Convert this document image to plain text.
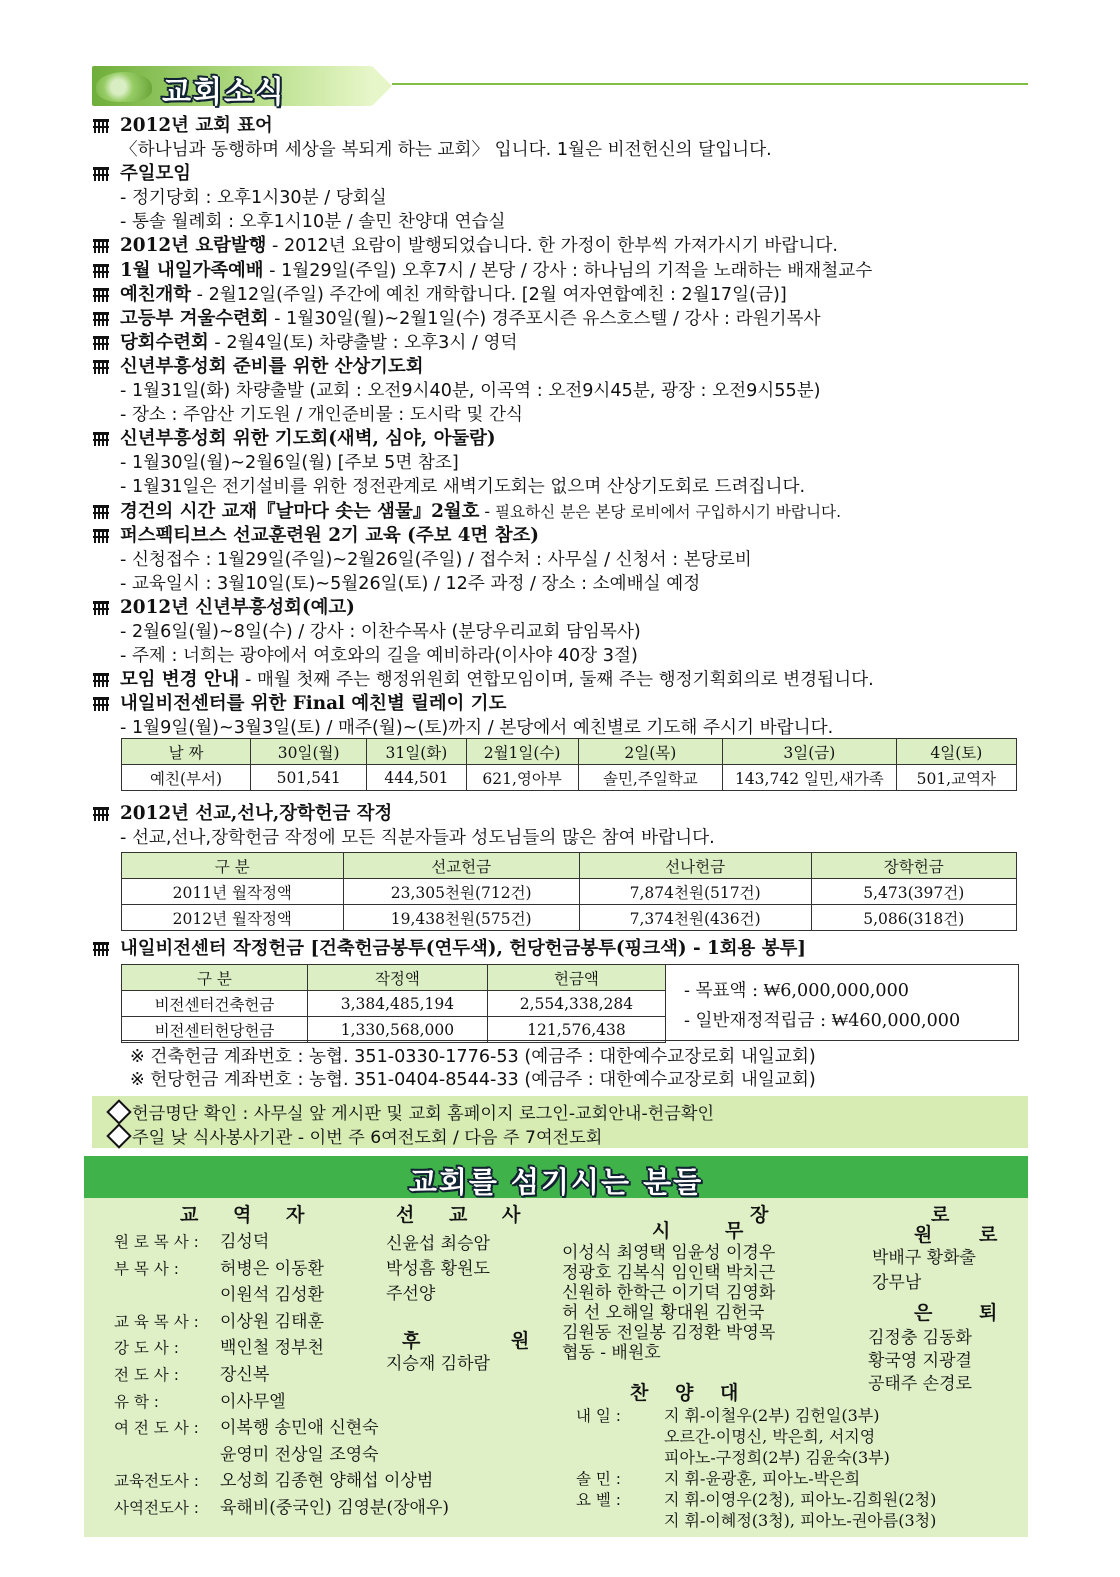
교회소식
2012년 교회 표어
〈하나님과 동행하며 세상을 복되게 하는 교회〉 입니다. 1월은 비전헌신의 달입니다.
주일모임
- 정기당회 : 오후1시30분 / 당회실
- 통솔 월례회 : 오후1시10분 / 솔민 찬양대 연습실
2012년 요람발행 - 2012년 요람이 발행되었습니다. 한 가정이 한부씩 가져가시기 바랍니다.
1월 내일가족예배 - 1월29일(주일) 오후7시 / 본당 / 강사 : 하나님의 기적을 노래하는 배재철교수
예친개학 - 2월12일(주일) 주간에 예친 개학합니다. [2월 여자연합예친 : 2월17일(금)]
고등부 겨울수련회 - 1월30일(월)~2월1일(수) 경주포시즌 유스호스텔 / 강사 : 라원기목사
당회수련회 - 2월4일(토) 차량출발 : 오후3시 / 영덕
신년부흥성회 준비를 위한 산상기도회
- 1월31일(화) 차량출발 (교회 : 오전9시40분, 이곡역 : 오전9시45분, 광장 : 오전9시55분)
- 장소 : 주암산 기도원 / 개인준비물 : 도시락 및 간식
신년부흥성회 위한 기도회(새벽, 심야, 아둘람)
- 1월30일(월)~2월6일(월) [주보 5면 참조]
- 1월31일은 전기설비를 위한 정전관계로 새벽기도회는 없으며 산상기도회로 드려집니다.
경건의 시간 교재『날마다 솟는 샘물』2월호 - 필요하신 분은 본당 로비에서 구입하시기 바랍니다.
퍼스펙티브스 선교훈련원 2기 교육 (주보 4면 참조)
- 신청접수 : 1월29일(주일)~2월26일(주일) / 접수처 : 사무실 / 신청서 : 본당로비
- 교육일시 : 3월10일(토)~5월26일(토) / 12주 과정 / 장소 : 소예배실 예정
2012년 신년부흥성회(예고)
- 2월6일(월)~8일(수) / 강사 : 이찬수목사 (분당우리교회 담임목사)
- 주제 : 너희는 광야에서 여호와의 길을 예비하라(이사야 40장 3절)
모임 변경 안내 - 매월 첫째 주는 행정위원회 연합모임이며, 둘째 주는 행정기획회의로 변경됩니다.
내일비전센터를 위한 Final 예친별 릴레이 기도
- 1월9일(월)~3월3일(토) / 매주(월)~(토)까지 / 본당에서 예친별로 기도해 주시기 바랍니다.
날 짜	30일(월)	31일(화)	2월1일(수)	2일(목)	3일(금)	4일(토)
예친(부서)	501,541	444,501	621,영아부	솔민,주일학교	143,742 일민,새가족	501,교역자
2012년 선교,선나,장학헌금 작정
- 선교,선나,장학헌금 작정에 모든 직분자들과 성도님들의 많은 참여 바랍니다.
구 분	선교헌금	선나헌금	장학헌금
2011년 월작정액	23,305천원(712건)	7,874천원(517건)	5,473(397건)
2012년 월작정액	19,438천원(575건)	7,374천원(436건)	5,086(318건)
내일비전센터 작정헌금 [건축헌금봉투(연두색), 헌당헌금봉투(핑크색) - 1회용 봉투]
구 분	작정액	헌금액
비전센터건축헌금	3,384,485,194	2,554,338,284
비전센터헌당헌금	1,330,568,000	121,576,438
- 목표액 : ₩6,000,000,000
- 일반재정적립금 : ₩460,000,000
※ 건축헌금 계좌번호 : 농협. 351-0330-1776-53 (예금주 : 대한예수교장로회 내일교회)
※ 헌당헌금 계좌번호 : 농협. 351-0404-8544-33 (예금주 : 대한예수교장로회 내일교회)
헌금명단 확인 : 사무실 앞 게시판 및 교회 홈페이지 로그인-교회안내-헌금확인
주일 낮 식사봉사기관 - 이번 주 6여전도회 / 다음 주 7여전도회
교회를 섬기시는 분들
교 역 자
원 로 목 사 : 김성덕
부 목 사 : 허병은 이동환
이원석 김성환
교 육 목 사 : 이상원 김태훈
강 도 사 : 백인철 정부천
전 도 사 : 장신복
유 학 :	이사무엘
여 전 도 사 : 이복행 송민애 신현숙
윤영미 전상일 조영숙
교육전도사 : 오성희 김종현 양해섭 이상범
사역전도사 : 육해비(중국인) 김영분(장애우)
선 교 사
신윤섭 최승암
박성흠 황원도
주선양
후 원
지승재 김하람
장 로
시 무
이성식 최영택 임윤성 이경우
정광호 김복식 임인택 박치근
신원하 한학근 이기덕 김영화
허 선 오해일 황대원 김헌국
김원동 전일봉 김정환 박영목
협동 - 배원호
원 로
박배구 황화출
강무남
은 퇴
김정충 김동화
황국영 지광결
공태주 손경로
찬 양 대
내 일 :	지 휘-이철우(2부) 김헌일(3부)
오르간-이명신, 박은희, 서지영
피아노-구정희(2부) 김윤숙(3부)
솔 민 :	지 휘-윤광훈, 피아노-박은희
요 벨 :	지 휘-이영우(2청), 피아노-김희원(2청)
지 휘-이혜정(3청), 피아노-권아름(3청)
